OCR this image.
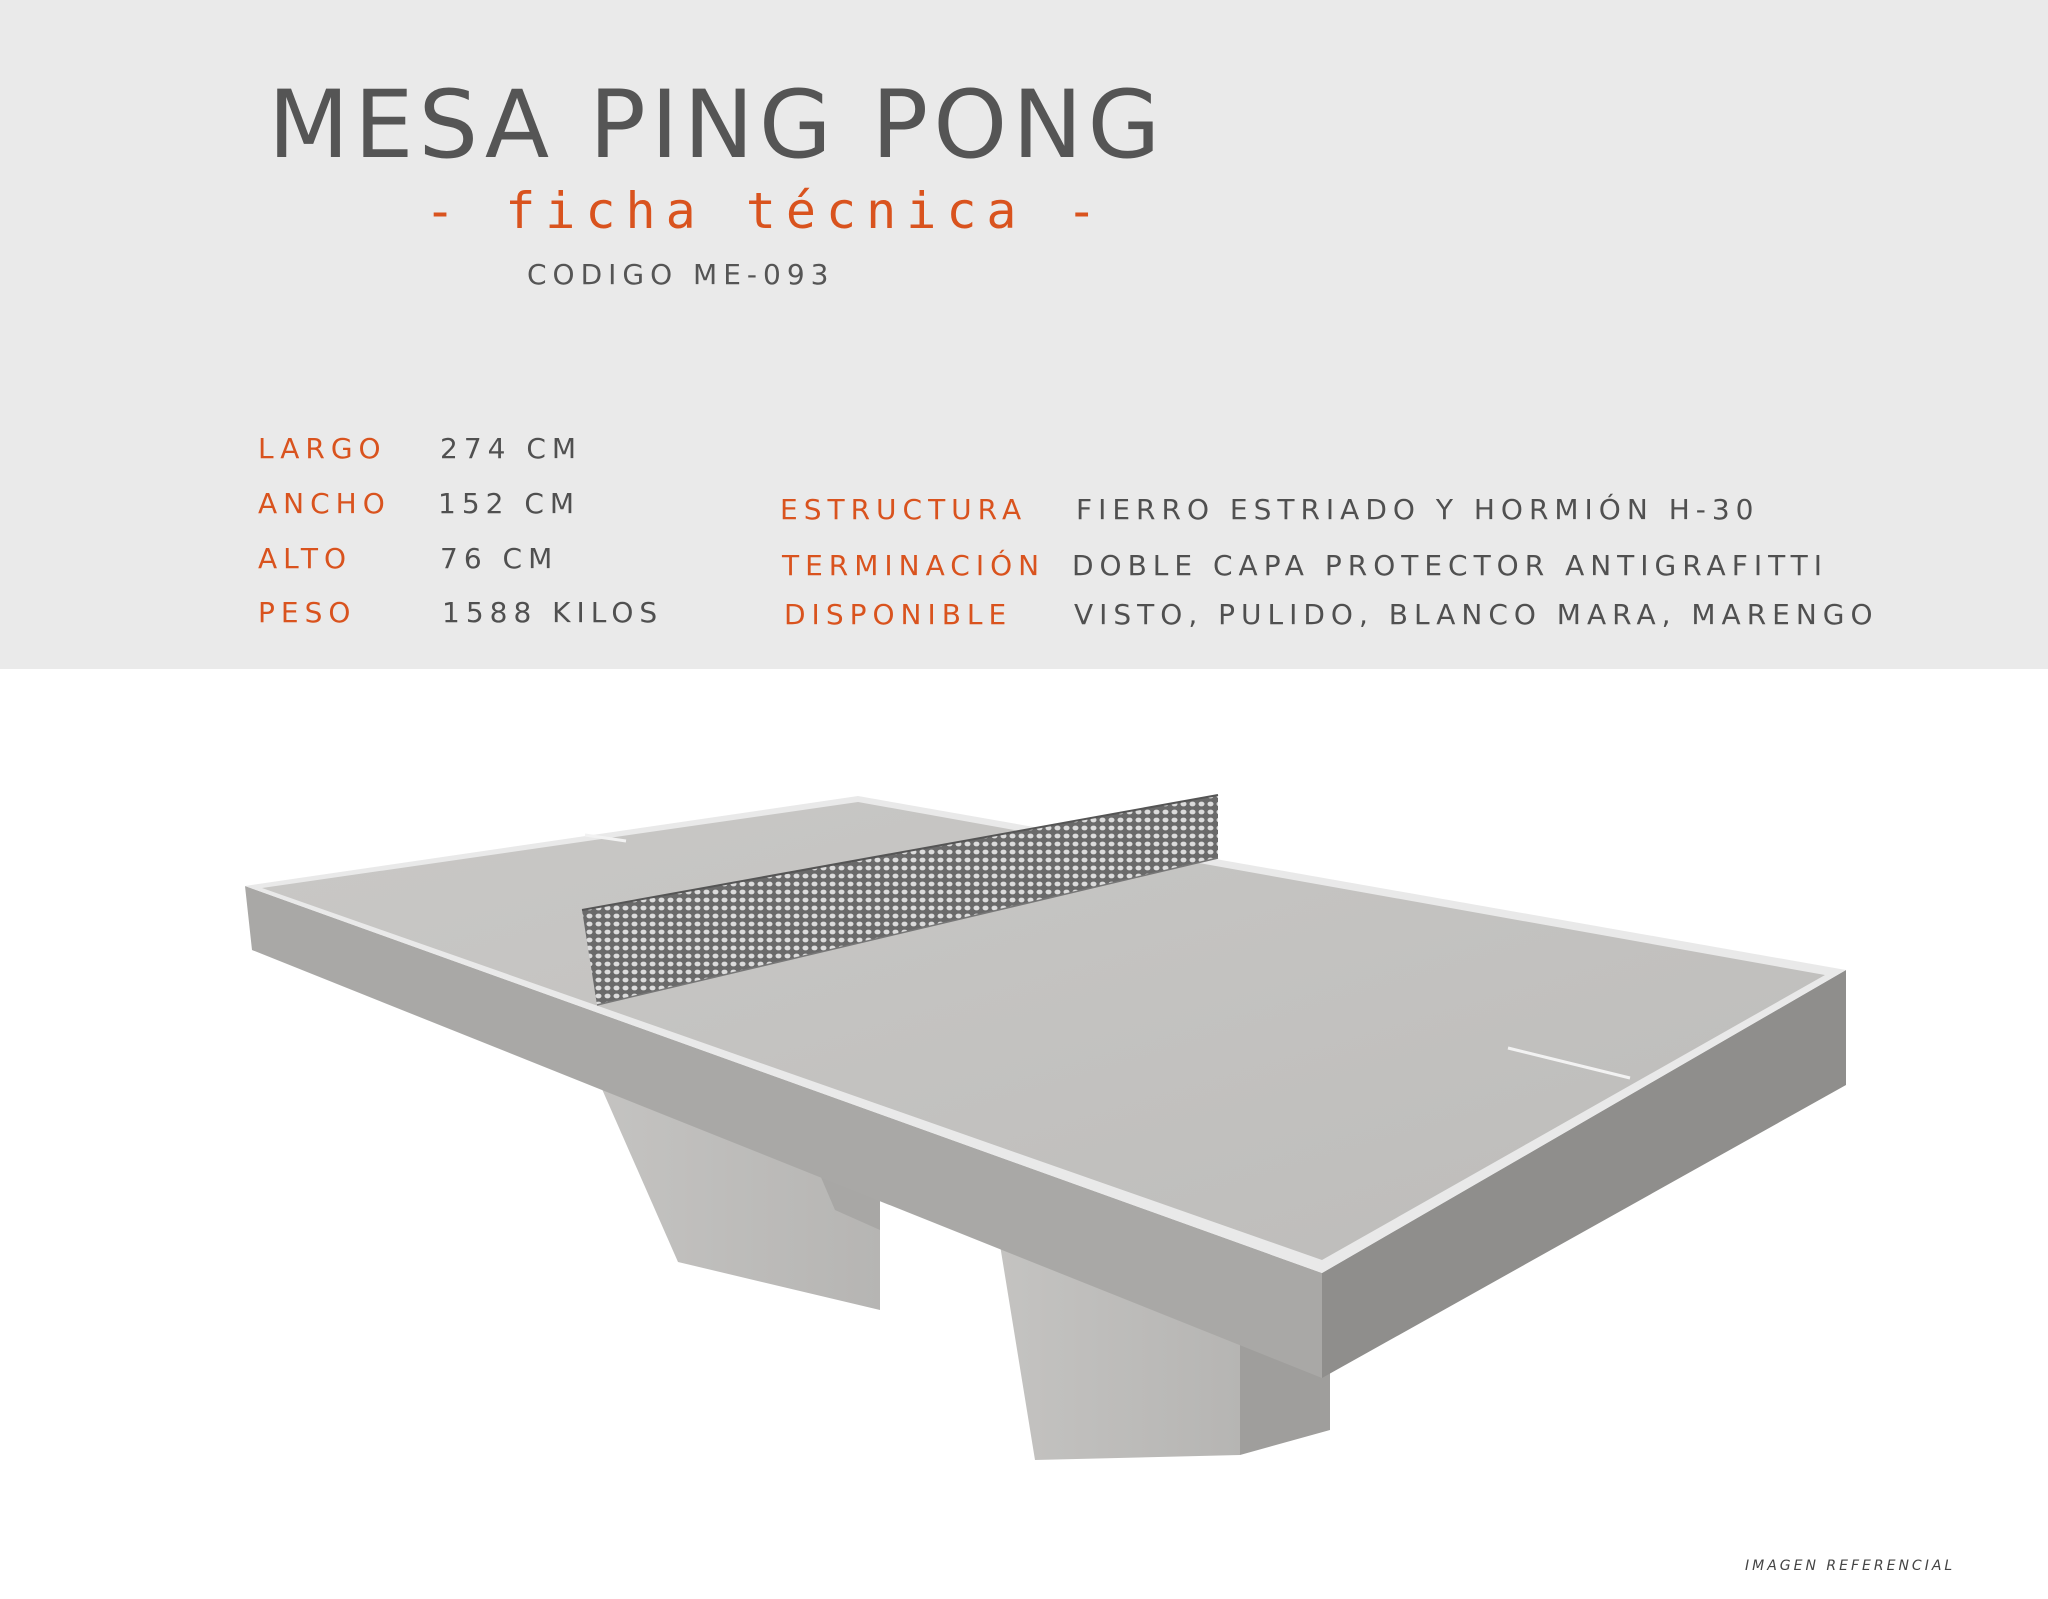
MESA PING PONG
- ficha técnica -
CODIGO ME-093
LARGO 274 CM
ANCHO 152 CM
ALTO	76 CM
PESO	1588 KILOS
ESTRUCTURA FIERRO ESTRIADO Y HORMIÓN H-30
TERMINACIÓN DOBLE CAPA PROTECTOR ANTIGRAFITTI
DISPONIBLE VISTO, PULIDO, BLANCO MARA, MARENGO
IMAGEN REFERENCIAL
